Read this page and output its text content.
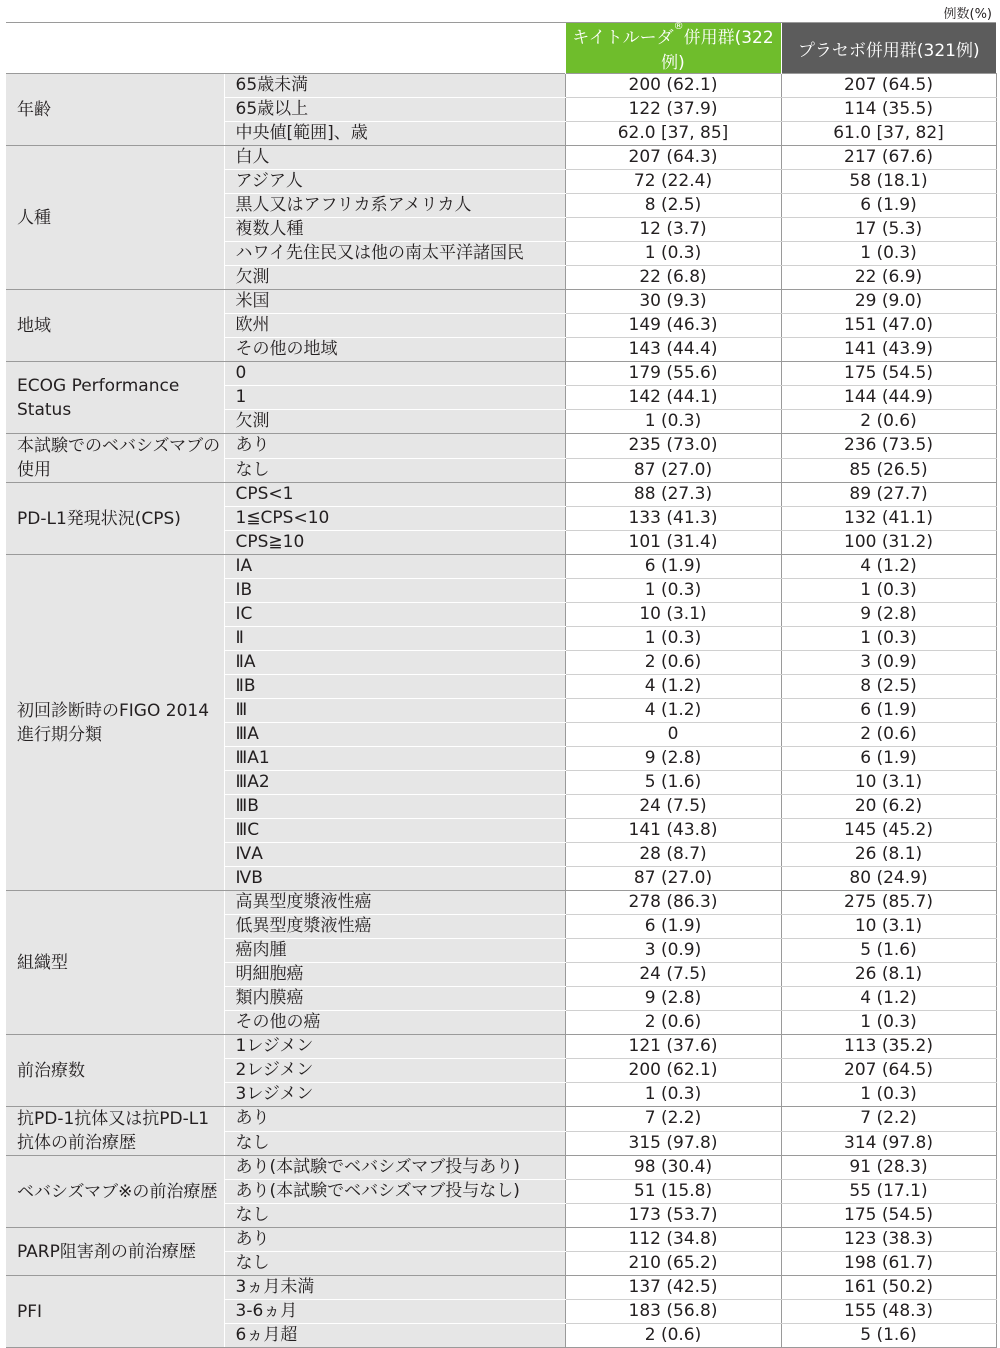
例数(%)
		キイトルーダ®併用群(322例)	プラセボ併用群(321例)
年齢	65歳未満	200 (62.1)	207 (64.5)
	65歳以上	122 (37.9)	114 (35.5)
	中央値[範囲]、歳	62.0 [37, 85]	61.0 [37, 82]
人種	白人	207 (64.3)	217 (67.6)
	アジア人	72 (22.4)	58 (18.1)
	黒人又はアフリカ系アメリカ人	8 (2.5)	6 (1.9)
	複数人種	12 (3.7)	17 (5.3)
	ハワイ先住民又は他の南太平洋諸国民	1 (0.3)	1 (0.3)
	欠測	22 (6.8)	22 (6.9)
地域	米国	30 (9.3)	29 (9.0)
	欧州	149 (46.3)	151 (47.0)
	その他の地域	143 (44.4)	141 (43.9)
ECOG Performance Status	0	179 (55.6)	175 (54.5)
	1	142 (44.1)	144 (44.9)
	欠測	1 (0.3)	2 (0.6)
本試験でのベバシズマブの使用	あり	235 (73.0)	236 (73.5)
	なし	87 (27.0)	85 (26.5)
PD-L1発現状況(CPS)	CPS<1	88 (27.3)	89 (27.7)
	1≦CPS<10	133 (41.3)	132 (41.1)
	CPS≧10	101 (31.4)	100 (31.2)
初回診断時のFIGO 2014進行期分類	ⅠA	6 (1.9)	4 (1.2)
	ⅠB	1 (0.3)	1 (0.3)
	ⅠC	10 (3.1)	9 (2.8)
	Ⅱ	1 (0.3)	1 (0.3)
	ⅡA	2 (0.6)	3 (0.9)
	ⅡB	4 (1.2)	8 (2.5)
	Ⅲ	4 (1.2)	6 (1.9)
	ⅢA	0	2 (0.6)
	ⅢA1	9 (2.8)	6 (1.9)
	ⅢA2	5 (1.6)	10 (3.1)
	ⅢB	24 (7.5)	20 (6.2)
	ⅢC	141 (43.8)	145 (45.2)
	ⅣA	28 (8.7)	26 (8.1)
	ⅣB	87 (27.0)	80 (24.9)
組織型	高異型度漿液性癌	278 (86.3)	275 (85.7)
	低異型度漿液性癌	6 (1.9)	10 (3.1)
	癌肉腫	3 (0.9)	5 (1.6)
	明細胞癌	24 (7.5)	26 (8.1)
	類内膜癌	9 (2.8)	4 (1.2)
	その他の癌	2 (0.6)	1 (0.3)
前治療数	1レジメン	121 (37.6)	113 (35.2)
	2レジメン	200 (62.1)	207 (64.5)
	3レジメン	1 (0.3)	1 (0.3)
抗PD-1抗体又は抗PD-L1抗体の前治療歴	あり	7 (2.2)	7 (2.2)
	なし	315 (97.8)	314 (97.8)
ベバシズマブ※の前治療歴	あり(本試験でベバシズマブ投与あり)	98 (30.4)	91 (28.3)
	あり(本試験でベバシズマブ投与なし)	51 (15.8)	55 (17.1)
	なし	173 (53.7)	175 (54.5)
PARP阻害剤の前治療歴	あり	112 (34.8)	123 (38.3)
	なし	210 (65.2)	198 (61.7)
PFI	3ヵ月未満	137 (42.5)	161 (50.2)
	3-6ヵ月	183 (56.8)	155 (48.3)
	6ヵ月超	2 (0.6)	5 (1.6)
